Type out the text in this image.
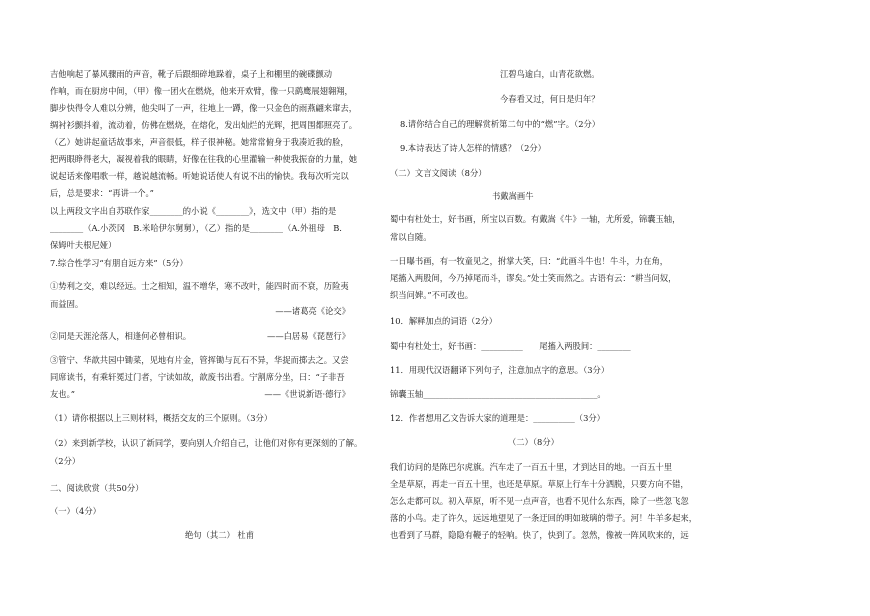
吉他响起了暴风骤雨的声音，靴子后跟细碎地跺着，桌子上和棚里的碗碟颤动
作响，而在厨房中间，（甲）像一团火在燃烧，他来开欢臂，像一只鹞鹰展翅翱翔，
脚步快得令人难以分辨，他尖叫了一声，往地上一蹲，像一只金色的雨燕翩来窜去，
绸衬衫颤抖着，流动着，仿佛在燃烧，在熔化，发出灿烂的光辉，把周围都照亮了。
（乙）她讲起童话故事来，声音很低，样子很神秘。她常常俯身于我凑近我的脸，
把两眼睁得老大，凝视着我的眼睛，好像在往我的心里灌输一种使我振奋的力量，她
说起话来像唱歌一样，越说越流畅。听她说话使人有说不出的愉快。我每次听完以
后，总是要求：“再讲一个。”
以上两段文字出自苏联作家________的小说《________》，选文中（甲）指的是
________（A.小茨冈　B.米哈伊尔舅舅），（乙）指的是________（A.外祖母　B.
保姆叶夫根尼娅）
7.综合性学习“有朋自远方来”（5分）
①势利之交，难以经远。士之相知，温不增华，寒不改叶，能四时而不衰，历险夷
而益固。
——诸葛亮《论交》
②同是天涯沦落人，相逢何必曾相识。	——白居易《琵琶行》
③管宁、华歆共园中锄菜，见地有片金，管挥锄与瓦石不异，华捉而掷去之。又尝
同席读书，有乘轩冕过门者，宁读如故，歆废书出看。宁割席分坐，曰：“子非吾
友也。”	——《世说新语·德行》
（1）请你根据以上三则材料，概括交友的三个原则。（3分）
（2）来到新学校，认识了新同学，要向别人介绍自己，让他们对你有更深刻的了解。
（2分）
二、阅读欣赏（共50分）
（一）（4分）
绝句（其二） 杜甫
江碧鸟逾白，山青花欲燃。
今春看又过，何日是归年？
8.请你结合自己的理解赏析第二句中的“燃”字。（2分）
9.本诗表达了诗人怎样的情感？（2分）
（二）文言文阅读（8分）
书戴嵩画牛
蜀中有杜处士，好书画，所宝以百数。有戴嵩《牛》一轴，尤所爱，锦囊玉轴，
常以自随。
一日曝书画，有一牧童见之，拊掌大笑，曰：“此画斗牛也！牛斗，力在角，
尾搐入两股间，今乃掉尾而斗，谬矣。”处士笑而然之。古语有云：“耕当问奴，
织当问婢。”不可改也。
10．解释加点的词语（2分）
蜀中有杜处士，好书画：__________　　尾搐入两股间：________
11．用现代汉语翻译下列句子，注意加点字的意思。（3分）
锦囊玉轴__________________________________________。
12．作者想用乙文告诉大家的道理是：__________（3分）
（二）（8分）
我们访问的是陈巴尔虎旗。汽车走了一百五十里，才到达目的地。一百五十里
全是草原，再走一百五十里，也还是草原。草原上行车十分洒脱，只要方向不错，
怎么走都可以。初入草原，听不见一点声音，也看不见什么东西，除了一些忽飞忽
落的小鸟。走了许久，远远地望见了一条迂回的明如玻璃的带子。河！牛羊多起来，
也看到了马群，隐隐有鞭子的轻响。快了，快到了。忽然，像被一阵风吹来的，远
